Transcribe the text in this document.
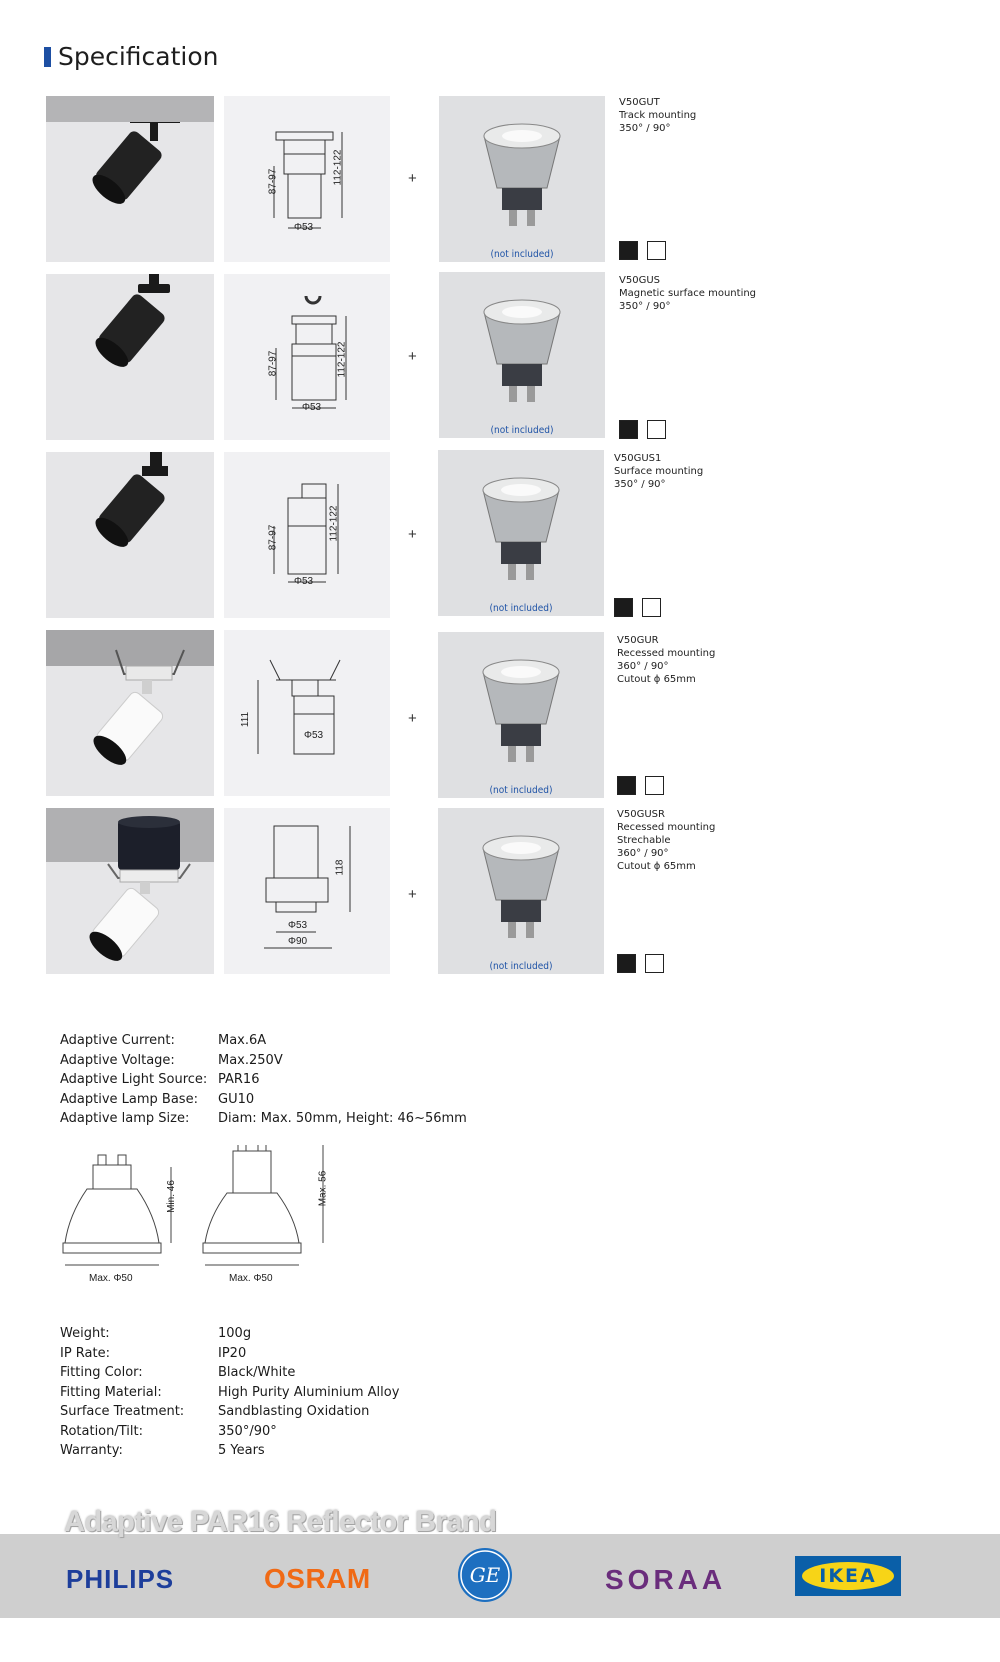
Specification
87-97	112-122
Φ53
+
(not included)
V50GUT
Track mounting
350° / 90°
87-97	112-122
Φ53
+
(not included)
V50GUS
Magnetic surface mounting
350° / 90°
87-97	112-122
Φ53
+
(not included)
V50GUS1
Surface mounting
350° / 90°
111
Φ53
+
(not included)
V50GUR
Recessed mounting
360° / 90°
Cutout ϕ 65mm
118
Φ53
Φ90
+
(not included)
V50GUSR
Recessed mounting
Strechable
360° / 90°
Cutout ϕ 65mm
Adaptive Current:	Max.6A
Adaptive Voltage:	Max.250V
Adaptive Light Source: PAR16
Adaptive Lamp Base: GU10
Adaptive lamp Size: Diam: Max. 50mm, Height: 46~56mm
Min. 46	Max. 56
Max. Φ50	Max. Φ50
Weight:	100g
IP Rate:	IP20
Fitting Color:	Black/White
Fitting Material:	High Purity Aluminium Alloy
Surface Treatment:	Sandblasting Oxidation
Rotation/Tilt:	350°/90°
Warranty:	5 Years
Adaptive PAR16 Reflector Brand
PHILIPS	OSRAM	GE	SORAA	IKEA
